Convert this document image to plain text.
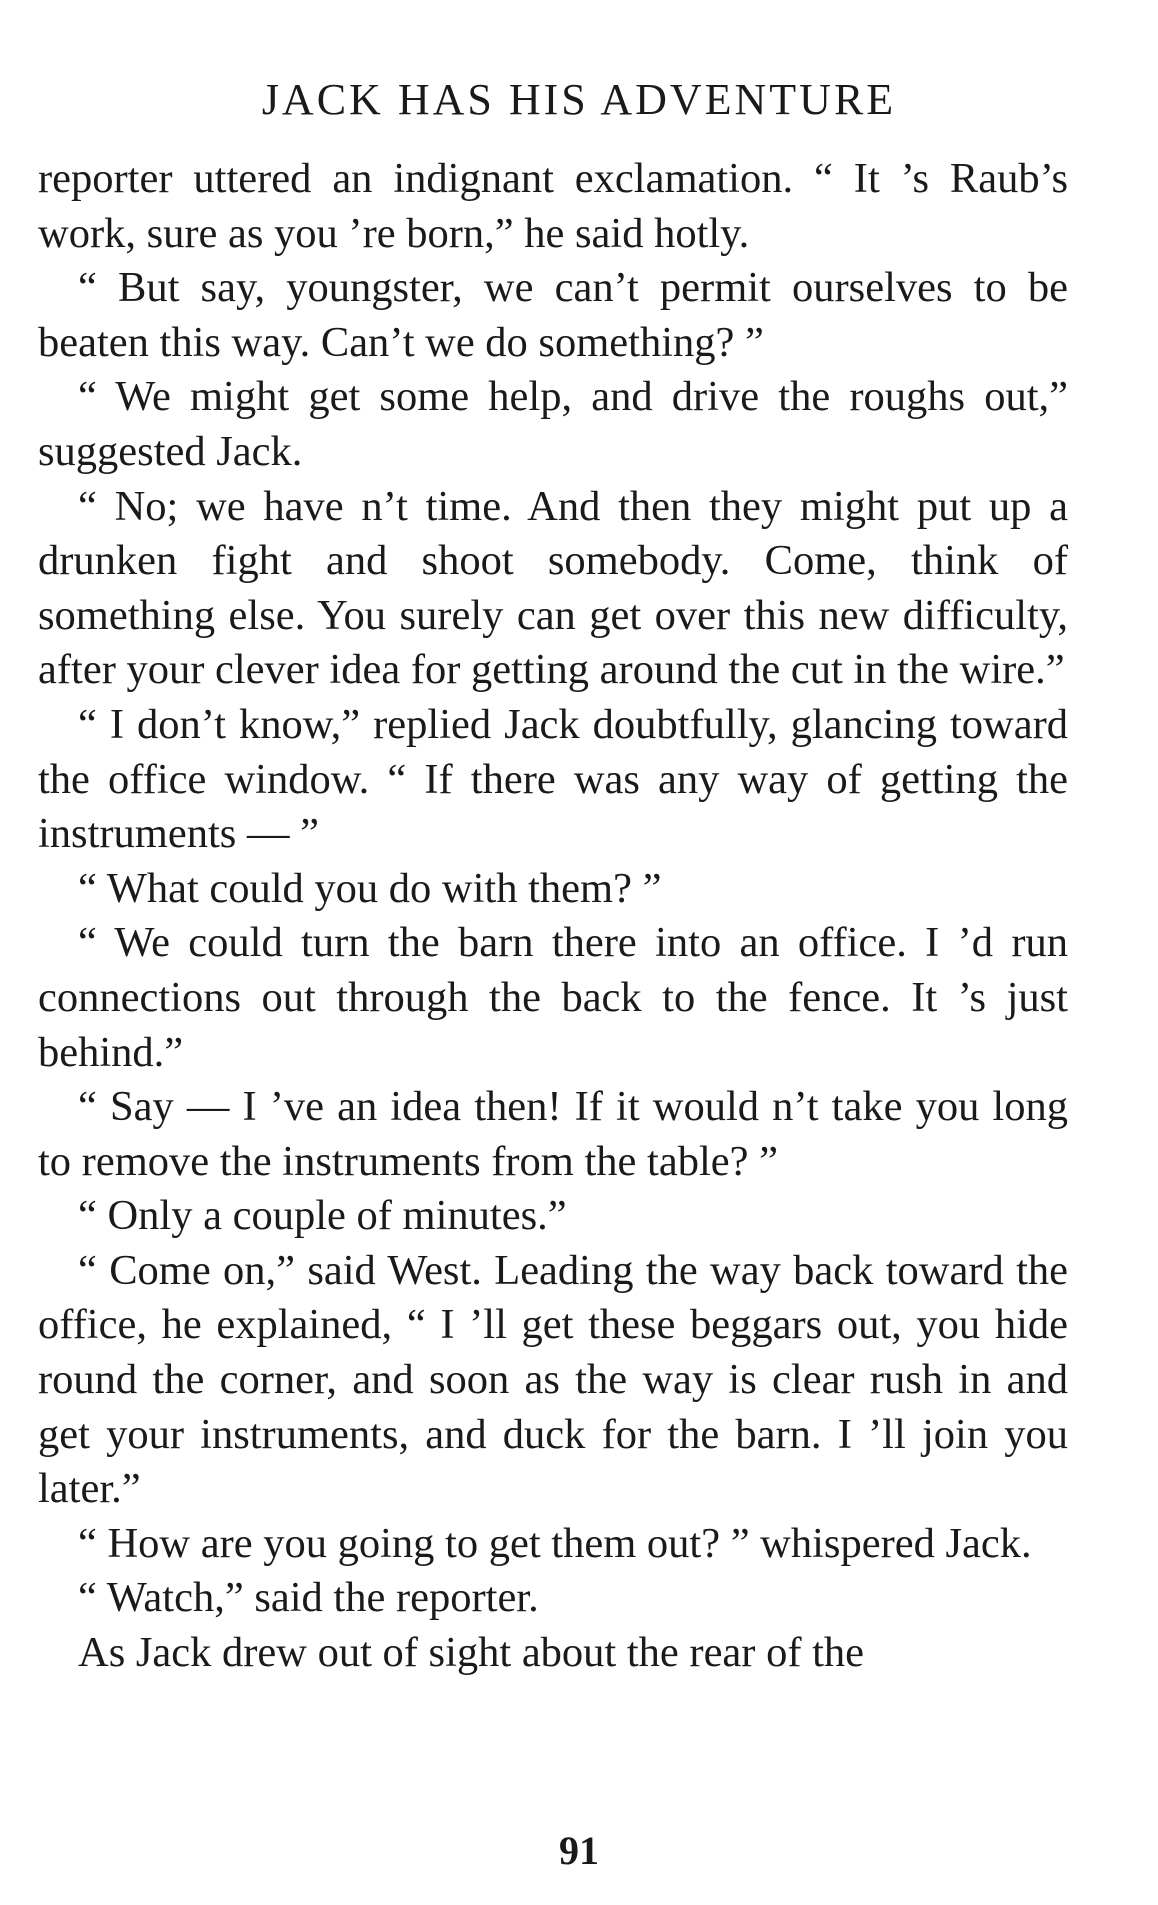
JACK HAS HIS ADVENTURE

reporter uttered an indignant exclamation. “ It ’s Raub’s work, sure as you ’re born,” he said hotly.

“ But say, youngster, we can’t permit ourselves to be beaten this way. Can’t we do something? ”

“ We might get some help, and drive the roughs out,” suggested Jack.

“ No; we have n’t time. And then they might put up a drunken fight and shoot somebody. Come, think of something else. You surely can get over this new difficulty, after your clever idea for getting around the cut in the wire.”

“ I don’t know,” replied Jack doubtfully, glancing toward the office window. “ If there was any way of getting the instruments — ”

“ What could you do with them? ”

“ We could turn the barn there into an office. I ’d run connections out through the back to the fence. It ’s just behind.”

“ Say — I ’ve an idea then! If it would n’t take you long to remove the instruments from the table? ”

“ Only a couple of minutes.”

“ Come on,” said West. Leading the way back toward the office, he explained, “ I ’ll get these beggars out, you hide round the corner, and soon as the way is clear rush in and get your instruments, and duck for the barn. I ’ll join you later.”

“ How are you going to get them out? ” whispered Jack.

“ Watch,” said the reporter.

As Jack drew out of sight about the rear of the

91
